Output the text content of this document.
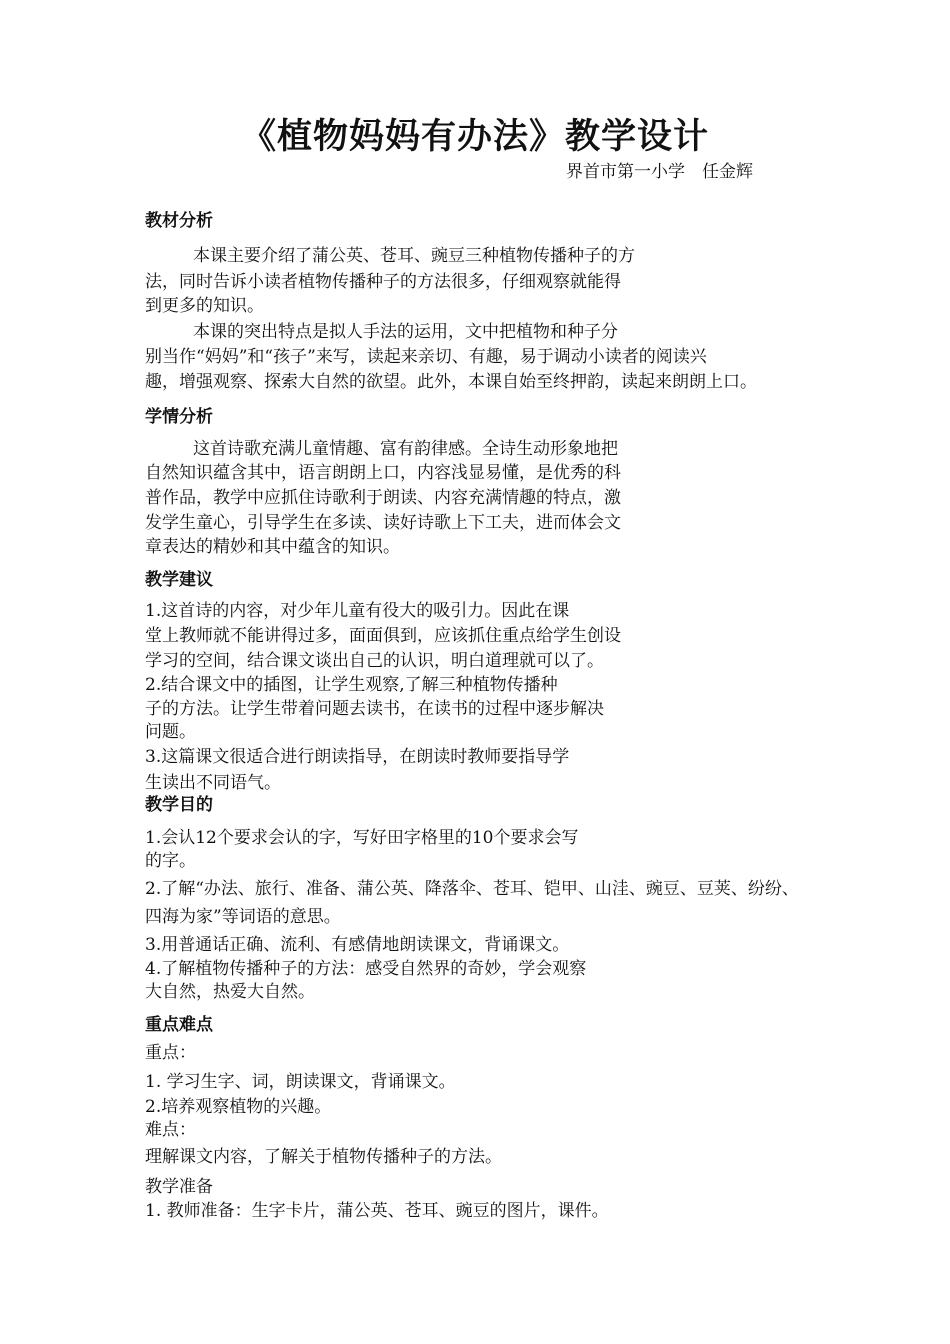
《植物妈妈有办法》教学设计
界首市第一小学　任金辉
教材分析
本课主要介绍了蒲公英、苍耳、豌豆三种植物传播种子的方
法，同时告诉小读者植物传播种子的方法很多，仔细观察就能得
到更多的知识。
本课的突出特点是拟人手法的运用，文中把植物和种子分
别当作“妈妈”和“孩子”来写，读起来亲切、有趣，易于调动小读者的阅读兴
趣，增强观察、探索大自然的欲望。此外，本课自始至终押韵，读起来朗朗上口。
学情分析
这首诗歌充满儿童情趣、富有韵律感。全诗生动形象地把
自然知识蕴含其中，语言朗朗上口，内容浅显易懂，是优秀的科
普作品，教学中应抓住诗歌利于朗读、内容充满情趣的特点，激
发学生童心，引导学生在多读、读好诗歌上下工夫，进而体会文
章表达的精妙和其中蕴含的知识。
教学建议
1.这首诗的内容，对少年儿童有役大的吸引力。因此在课
堂上教师就不能讲得过多，面面俱到，应该抓住重点给学生创设
学习的空间，结合课文谈出自己的认识，明白道理就可以了。
2.结合课文中的插图，让学生观察,了解三种植物传播种
子的方法。让学生带着问题去读书，在读书的过程中逐步解决
问题。
3.这篇课文很适合进行朗读指导，在朗读时教师要指导学
生读出不同语气。
教学目的
1.会认12个要求会认的字，写好田字格里的10个要求会写
的字。
2.了解“办法、旅行、准备、蒲公英、降落伞、苍耳、铠甲、山洼、豌豆、豆荚、纷纷、
四海为家”等词语的意思。
3.用普通话正确、流利、有感倩地朗读课文，背诵课文。
4.了解植物传播种子的方法：感受自然界的奇妙，学会观察
大自然，热爱大自然。
重点难点
重点：
1. 学习生字、词，朗读课文，背诵课文。
2.培养观察植物的兴趣。
难点：
理解课文内容，了解关于植物传播种子的方法。
教学准备
1. 教师准备：生字卡片，蒲公英、苍耳、豌豆的图片，课件。
